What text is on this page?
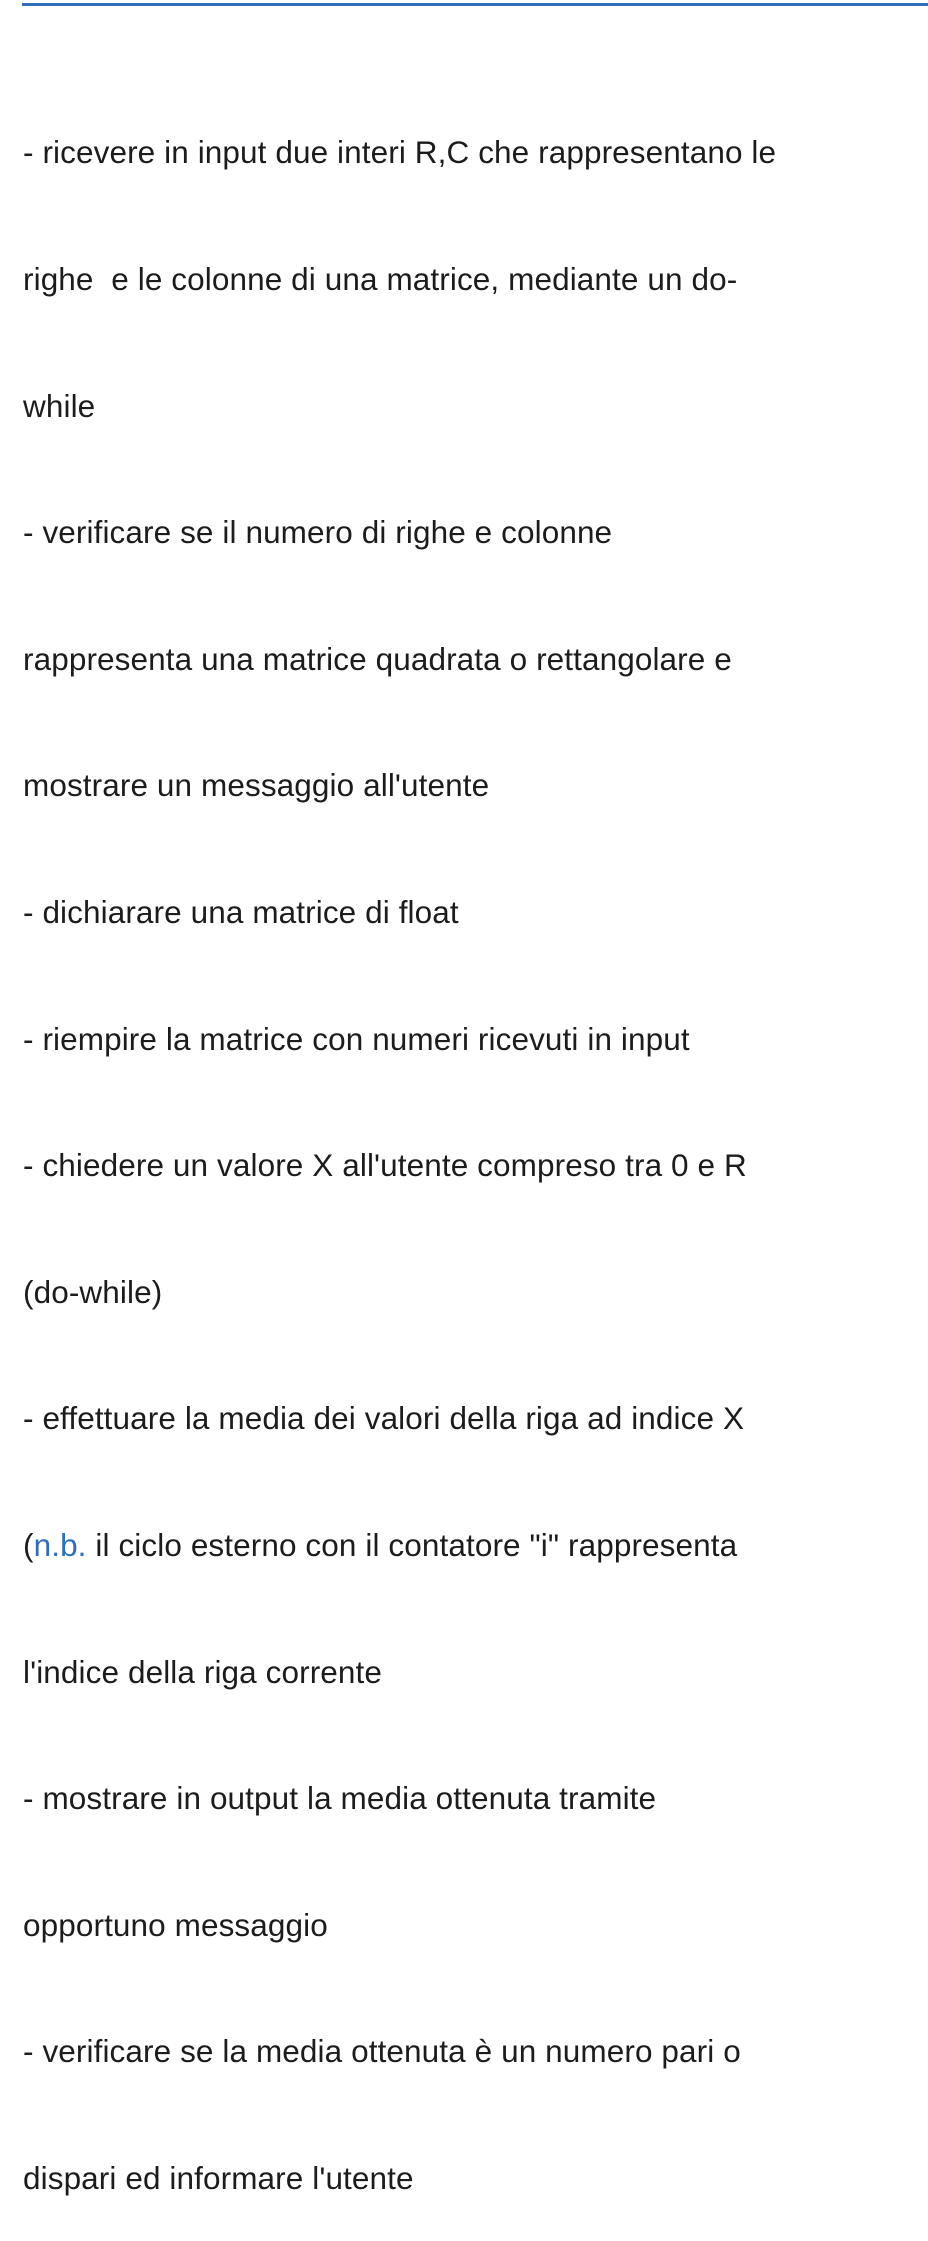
- ricevere in input due interi R,C che rappresentano le

righe  e le colonne di una matrice, mediante un do-

while

- verificare se il numero di righe e colonne

rappresenta una matrice quadrata o rettangolare e

mostrare un messaggio all'utente

- dichiarare una matrice di float

- riempire la matrice con numeri ricevuti in input

- chiedere un valore X all'utente compreso tra 0 e R

(do-while)

- effettuare la media dei valori della riga ad indice X

(n.b. il ciclo esterno con il contatore "i" rappresenta

l'indice della riga corrente

- mostrare in output la media ottenuta tramite

opportuno messaggio

- verificare se la media ottenuta è un numero pari o

dispari ed informare l'utente
